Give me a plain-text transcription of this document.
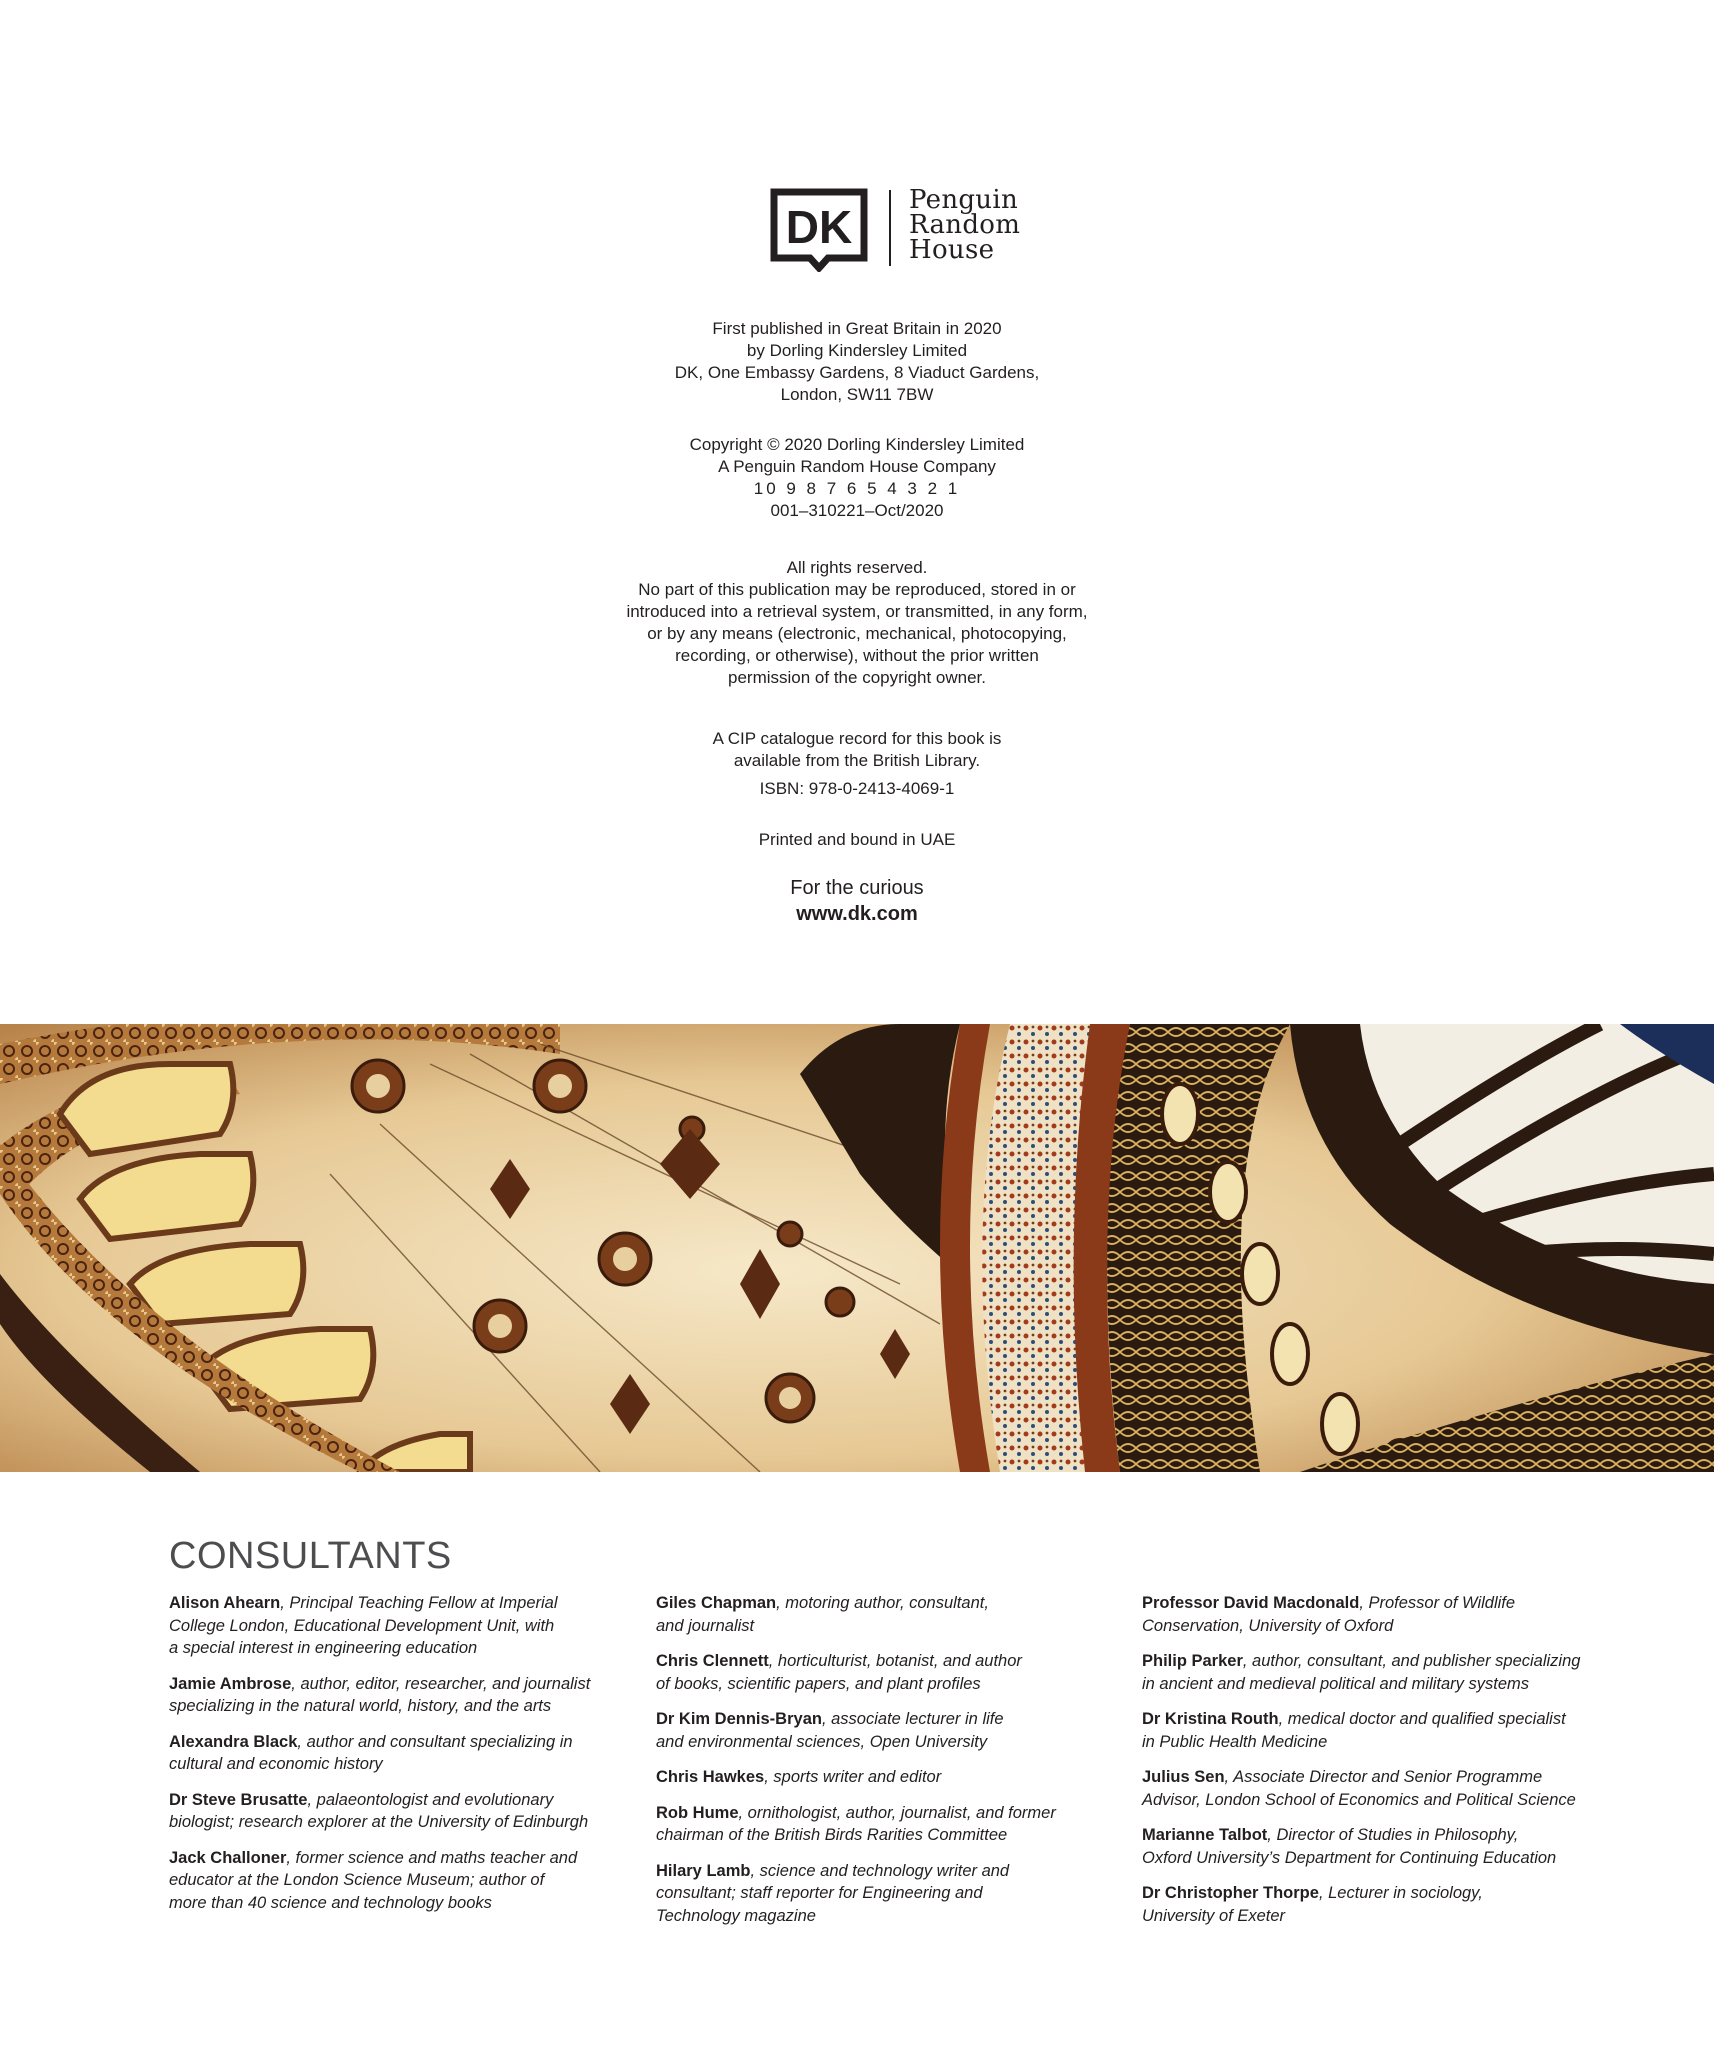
DK
Penguin
Random
House
First published in Great Britain in 2020
by Dorling Kindersley Limited
DK, One Embassy Gardens, 8 Viaduct Gardens,
London, SW11 7BW
Copyright © 2020 Dorling Kindersley Limited
A Penguin Random House Company
10 9 8 7 6 5 4 3 2 1
001–310221–Oct/2020
All rights reserved.
No part of this publication may be reproduced, stored in or
introduced into a retrieval system, or transmitted, in any form,
or by any means (electronic, mechanical, photocopying,
recording, or otherwise), without the prior written
permission of the copyright owner.
A CIP catalogue record for this book is
available from the British Library.
ISBN: 978-0-2413-4069-1
Printed and bound in UAE
For the curious
www.dk.com
CONSULTANTS
Alison Ahearn, Principal Teaching Fellow at Imperial
College London, Educational Development Unit, with
a special interest in engineering education
Jamie Ambrose, author, editor, researcher, and journalist
specializing in the natural world, history, and the arts
Alexandra Black, author and consultant specializing in
cultural and economic history
Dr Steve Brusatte, palaeontologist and evolutionary
biologist; research explorer at the University of Edinburgh
Jack Challoner, former science and maths teacher and
educator at the London Science Museum; author of
more than 40 science and technology books
Giles Chapman, motoring author, consultant,
and journalist
Chris Clennett, horticulturist, botanist, and author
of books, scientific papers, and plant profiles
Dr Kim Dennis-Bryan, associate lecturer in life
and environmental sciences, Open University
Chris Hawkes, sports writer and editor
Rob Hume, ornithologist, author, journalist, and former
chairman of the British Birds Rarities Committee
Hilary Lamb, science and technology writer and
consultant; staff reporter for Engineering and
Technology magazine
Professor David Macdonald, Professor of Wildlife
Conservation, University of Oxford
Philip Parker, author, consultant, and publisher specializing
in ancient and medieval political and military systems
Dr Kristina Routh, medical doctor and qualified specialist
in Public Health Medicine
Julius Sen, Associate Director and Senior Programme
Advisor, London School of Economics and Political Science
Marianne Talbot, Director of Studies in Philosophy,
Oxford University’s Department for Continuing Education
Dr Christopher Thorpe, Lecturer in sociology,
University of Exeter
